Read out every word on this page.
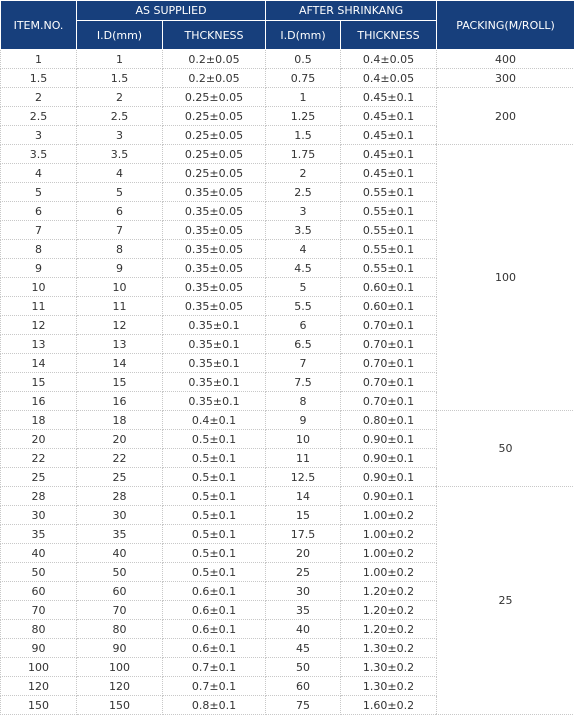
ITEM.NO.	AS SUPPLIED		AFTER SHRINKANG		PACKING(M/ROLL)
	I.D(mm)	THCKNESS	I.D(mm)	THICKNESS	
1	1	0.2±0.05	0.5	0.4±0.05	400
1.5	1.5	0.2±0.05	0.75	0.4±0.05	300
2	2	0.25±0.05	1	0.45±0.1	200
2.5	2.5	0.25±0.05	1.25	0.45±0.1	
3	3	0.25±0.05	1.5	0.45±0.1	
3.5	3.5	0.25±0.05	1.75	0.45±0.1	100
4	4	0.25±0.05	2	0.45±0.1	
5	5	0.35±0.05	2.5	0.55±0.1	
6	6	0.35±0.05	3	0.55±0.1	
7	7	0.35±0.05	3.5	0.55±0.1	
8	8	0.35±0.05	4	0.55±0.1	
9	9	0.35±0.05	4.5	0.55±0.1	
10	10	0.35±0.05	5	0.60±0.1	
11	11	0.35±0.05	5.5	0.60±0.1	
12	12	0.35±0.1	6	0.70±0.1	
13	13	0.35±0.1	6.5	0.70±0.1	
14	14	0.35±0.1	7	0.70±0.1	
15	15	0.35±0.1	7.5	0.70±0.1	
16	16	0.35±0.1	8	0.70±0.1	
18	18	0.4±0.1	9	0.80±0.1	50
20	20	0.5±0.1	10	0.90±0.1	
22	22	0.5±0.1	11	0.90±0.1	
25	25	0.5±0.1	12.5	0.90±0.1	
28	28	0.5±0.1	14	0.90±0.1	25
30	30	0.5±0.1	15	1.00±0.2	
35	35	0.5±0.1	17.5	1.00±0.2	
40	40	0.5±0.1	20	1.00±0.2	
50	50	0.5±0.1	25	1.00±0.2	
60	60	0.6±0.1	30	1.20±0.2	
70	70	0.6±0.1	35	1.20±0.2	
80	80	0.6±0.1	40	1.20±0.2	
90	90	0.6±0.1	45	1.30±0.2	
100	100	0.7±0.1	50	1.30±0.2	
120	120	0.7±0.1	60	1.30±0.2	
150	150	0.8±0.1	75	1.60±0.2	
